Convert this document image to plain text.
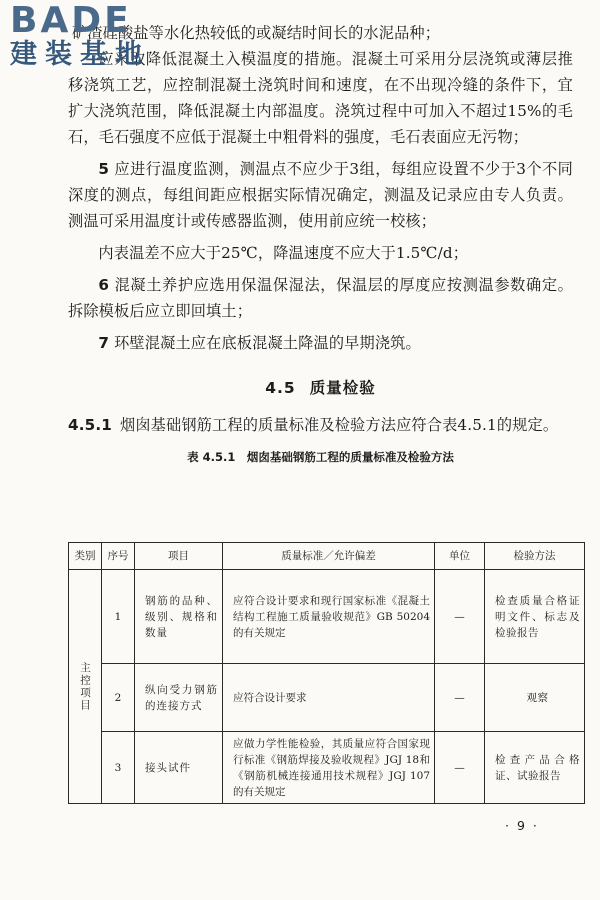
BADE
建装基地

矿渣硅酸盐等水化热较低的或凝结时间长的水泥品种；

应采取降低混凝土入模温度的措施。混凝土可采用分层浇筑或薄层推移浇筑工艺，应控制混凝土浇筑时间和速度，在不出现冷缝的条件下，宜扩大浇筑范围，降低混凝土内部温度。浇筑过程中可加入不超过15%的毛石，毛石强度不应低于混凝土中粗骨料的强度，毛石表面应无污物；

5 应进行温度监测，测温点不应少于3组，每组应设置不少于3个不同深度的测点，每组间距应根据实际情况确定，测温及记录应由专人负责。测温可采用温度计或传感器监测，使用前应统一校核；

内表温差不应大于25℃，降温速度不应大于1.5℃/d；

6 混凝土养护应选用保温保湿法，保温层的厚度应按测温参数确定。拆除模板后应立即回填土；

7 环壁混凝土应在底板混凝土降温的早期浇筑。

4.5 质量检验

4.5.1 烟囱基础钢筋工程的质量标准及检验方法应符合表4.5.1的规定。

表 4.5.1　烟囱基础钢筋工程的质量标准及检验方法
类别	序号	项目	质量标准／允许偏差	单位	检验方法
主控项目	1	钢筋的品种、级别、规格和数量	应符合设计要求和现行国家标准《混凝土结构工程施工质量验收规范》GB 50204的有关规定	—	检查质量合格证明文件、标志及检验报告
	2	纵向受力钢筋的连接方式	应符合设计要求	—	观察
	3	接头试件	应做力学性能检验，其质量应符合国家现行标准《钢筋焊接及验收规程》JGJ 18和《钢筋机械连接通用技术规程》JGJ 107的有关规定	—	检查产品合格证、试验报告
· 9 ·
